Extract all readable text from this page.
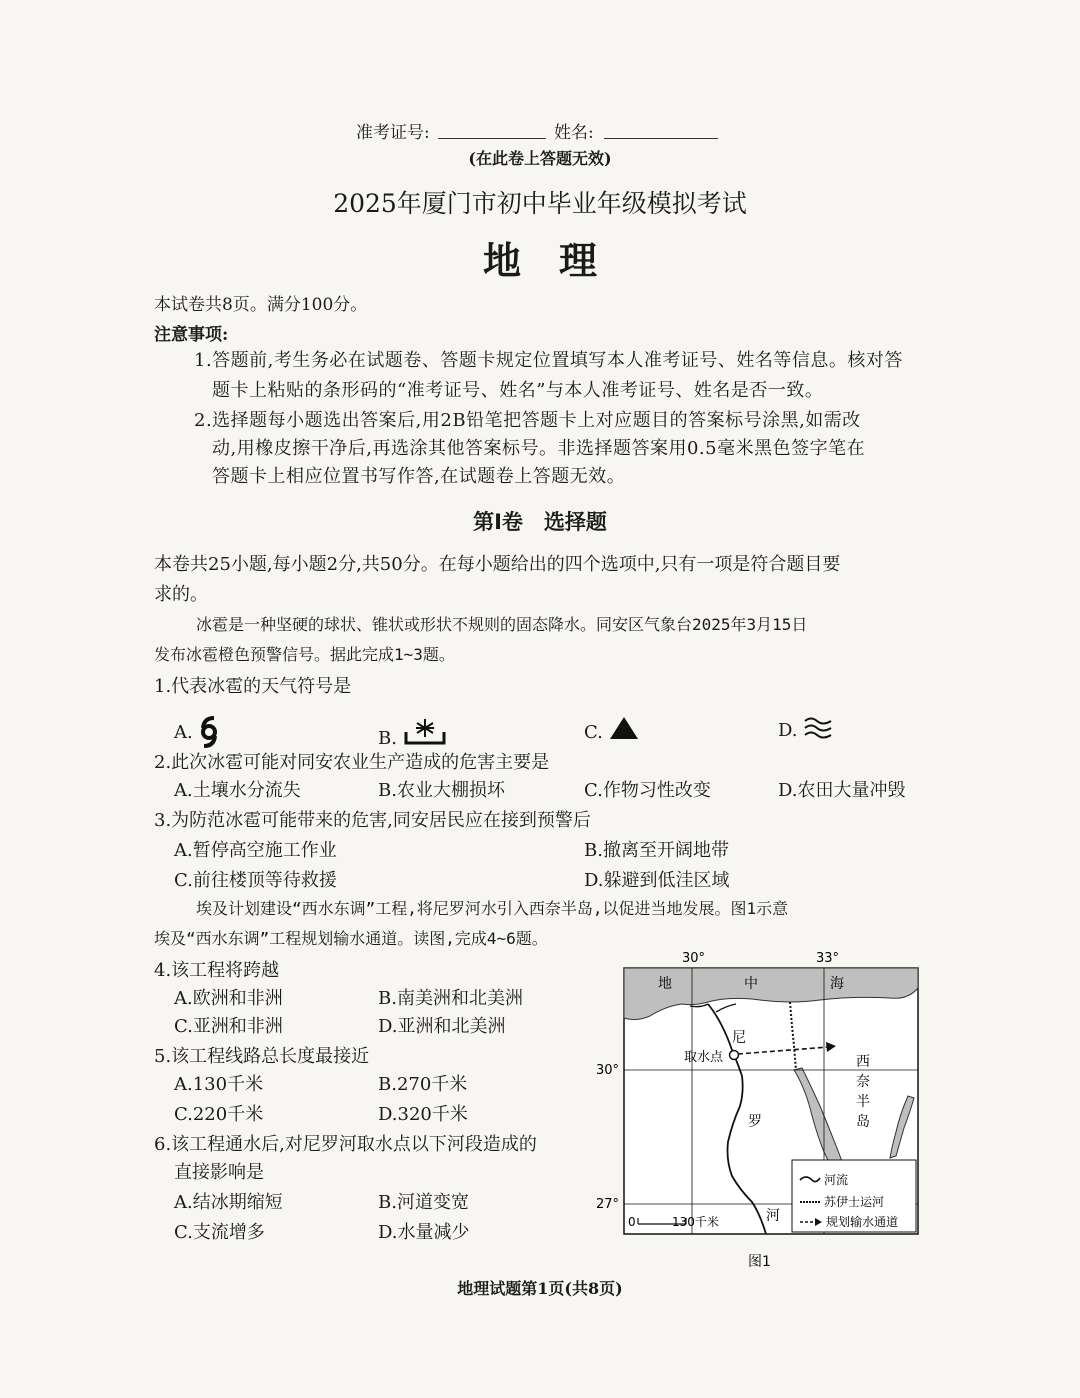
准考证号:	姓名:
(在此卷上答题无效)
2025年厦门市初中毕业年级模拟考试
地　理
本试卷共8页。满分100分。
注意事项:
1.答题前,考生务必在试题卷、答题卡规定位置填写本人准考证号、姓名等信息。核对答
题卡上粘贴的条形码的“准考证号、姓名”与本人准考证号、姓名是否一致。
2.选择题每小题选出答案后,用2B铅笔把答题卡上对应题目的答案标号涂黑,如需改
动,用橡皮擦干净后,再选涂其他答案标号。非选择题答案用0.5毫米黑色签字笔在
答题卡上相应位置书写作答,在试题卷上答题无效。
第Ⅰ卷　选择题
本卷共25小题,每小题2分,共50分。在每小题给出的四个选项中,只有一项是符合题目要
求的。
冰雹是一种坚硬的球状、锥状或形状不规则的固态降水。同安区气象台2025年3月15日
发布冰雹橙色预警信号。据此完成1~3题。
1.代表冰雹的天气符号是
A.	B.	C.	D.
2.此次冰雹可能对同安农业生产造成的危害主要是
A.土壤水分流失	B.农业大棚损坏	C.作物习性改变	D.农田大量冲毁
3.为防范冰雹可能带来的危害,同安居民应在接到预警后
A.暂停高空施工作业	B.撤离至开阔地带
C.前往楼顶等待救援	D.躲避到低洼区域
埃及计划建设“西水东调”工程,将尼罗河水引入西奈半岛,以促进当地发展。图1示意
埃及“西水东调”工程规划输水通道。读图,完成4~6题。
4.该工程将跨越
A.欧洲和非洲	B.南美洲和北美洲
C.亚洲和非洲	D.亚洲和北美洲
5.该工程线路总长度最接近
A.130千米	B.270千米
C.220千米	D.320千米
6.该工程通水后,对尼罗河取水点以下河段造成的
直接影响是
A.结冰期缩短	B.河道变宽
C.支流增多	D.水量减少
30°	33°
30°
27°
取水点
地	中	海
尼
罗
河
西
奈
半
岛
0	130千米
河流
苏伊士运河
规划输水通道
图1
地理试题第1页(共8页)
